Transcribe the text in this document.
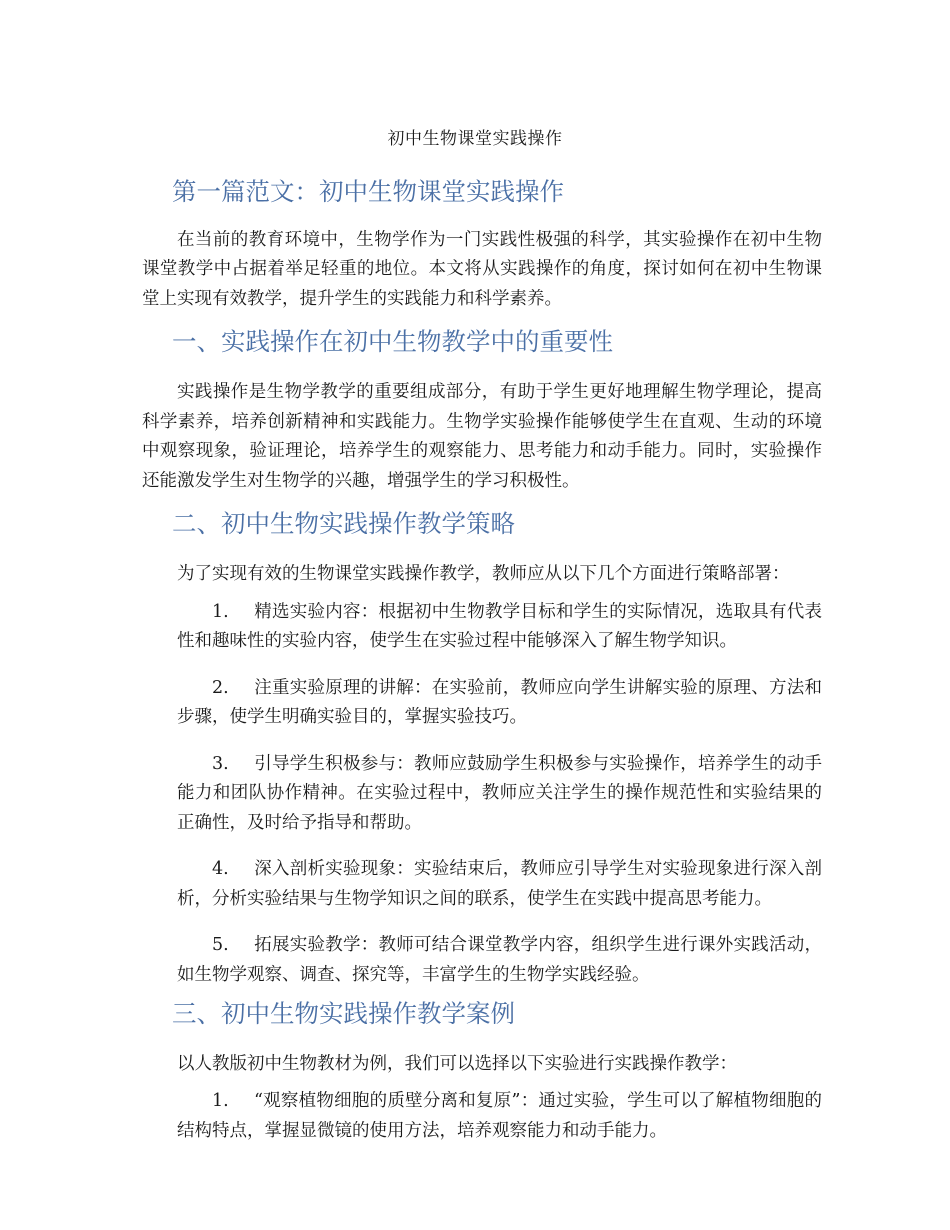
初中生物课堂实践操作
第一篇范文：初中生物课堂实践操作

在当前的教育环境中，生物学作为一门实践性极强的科学，其实验操作在初中生物课堂教学中占据着举足轻重的地位。本文将从实践操作的角度，探讨如何在初中生物课堂上实现有效教学，提升学生的实践能力和科学素养。

一、实践操作在初中生物教学中的重要性

实践操作是生物学教学的重要组成部分，有助于学生更好地理解生物学理论，提高科学素养，培养创新精神和实践能力。生物学实验操作能够使学生在直观、生动的环境中观察现象，验证理论，培养学生的观察能力、思考能力和动手能力。同时，实验操作还能激发学生对生物学的兴趣，增强学生的学习积极性。

二、初中生物实践操作教学策略

为了实现有效的生物课堂实践操作教学，教师应从以下几个方面进行策略部署：

1. 精选实验内容：根据初中生物教学目标和学生的实际情况，选取具有代表性和趣味性的实验内容，使学生在实验过程中能够深入了解生物学知识。
2. 注重实验原理的讲解：在实验前，教师应向学生讲解实验的原理、方法和步骤，使学生明确实验目的，掌握实验技巧。
3. 引导学生积极参与：教师应鼓励学生积极参与实验操作，培养学生的动手能力和团队协作精神。在实验过程中，教师应关注学生的操作规范性和实验结果的正确性，及时给予指导和帮助。
4. 深入剖析实验现象：实验结束后，教师应引导学生对实验现象进行深入剖析，分析实验结果与生物学知识之间的联系，使学生在实践中提高思考能力。
5. 拓展实验教学：教师可结合课堂教学内容，组织学生进行课外实践活动，如生物学观察、调查、探究等，丰富学生的生物学实践经验。
三、初中生物实践操作教学案例

以人教版初中生物教材为例，我们可以选择以下实验进行实践操作教学：

1. “观察植物细胞的质壁分离和复原”：通过实验，学生可以了解植物细胞的结构特点，掌握显微镜的使用方法，培养观察能力和动手能力。
